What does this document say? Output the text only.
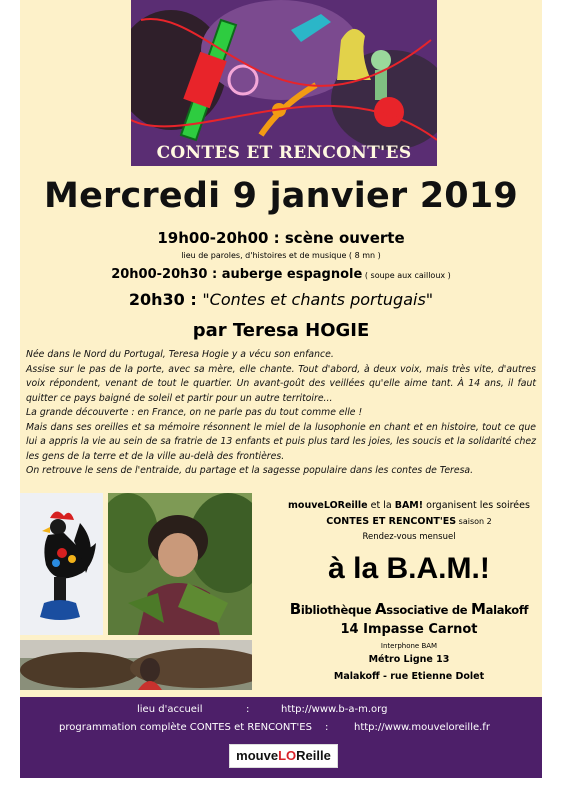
CONTES ET RENCONT'ES
Mercredi 9 janvier 2019
19h00-20h00 : scène ouverte
lieu de paroles, d'histoires et de musique ( 8 mn )
20h00-20h30 : auberge espagnole ( soupe aux cailloux )
20h30 : "Contes et chants portugais"
par Teresa HOGIE

Née dans le Nord du Portugal, Teresa Hogie y a vécu son enfance.

Assise sur le pas de la porte, avec sa mère, elle chante. Tout d'abord, à deux voix, mais très vite, d'autres voix répondent, venant de tout le quartier. Un avant-goût des veillées qu'elle aime tant. À 14 ans, il faut quitter ce pays baigné de soleil et partir pour un autre territoire...

La grande découverte : en France, on ne parle pas du tout comme elle !

Mais dans ses oreilles et sa mémoire résonnent le miel de la lusophonie en chant et en histoire, tout ce que lui a appris la vie au sein de sa fratrie de 13 enfants et puis plus tard les joies, les soucis et la solidarité chez les gens de la terre et de la ville au-delà des frontières.

On retrouve le sens de l'entraide, du partage et la sagesse populaire dans les contes de Teresa.

mouveLOReille et la BAM! organisent les soirées
CONTES ET RENCONT'ES saison 2
Rendez-vous mensuel
à la B.A.M.!
Bibliothèque Associative de Malakoff
14 Impasse Carnot
Interphone BAM
Métro Ligne 13
Malakoff - rue Etienne Dolet
lieu d'accueil	:	http://www.b-a-m.org
programmation complète CONTES et RENCONT'ES :	http://www.mouveloreille.fr
mouveLOReille
